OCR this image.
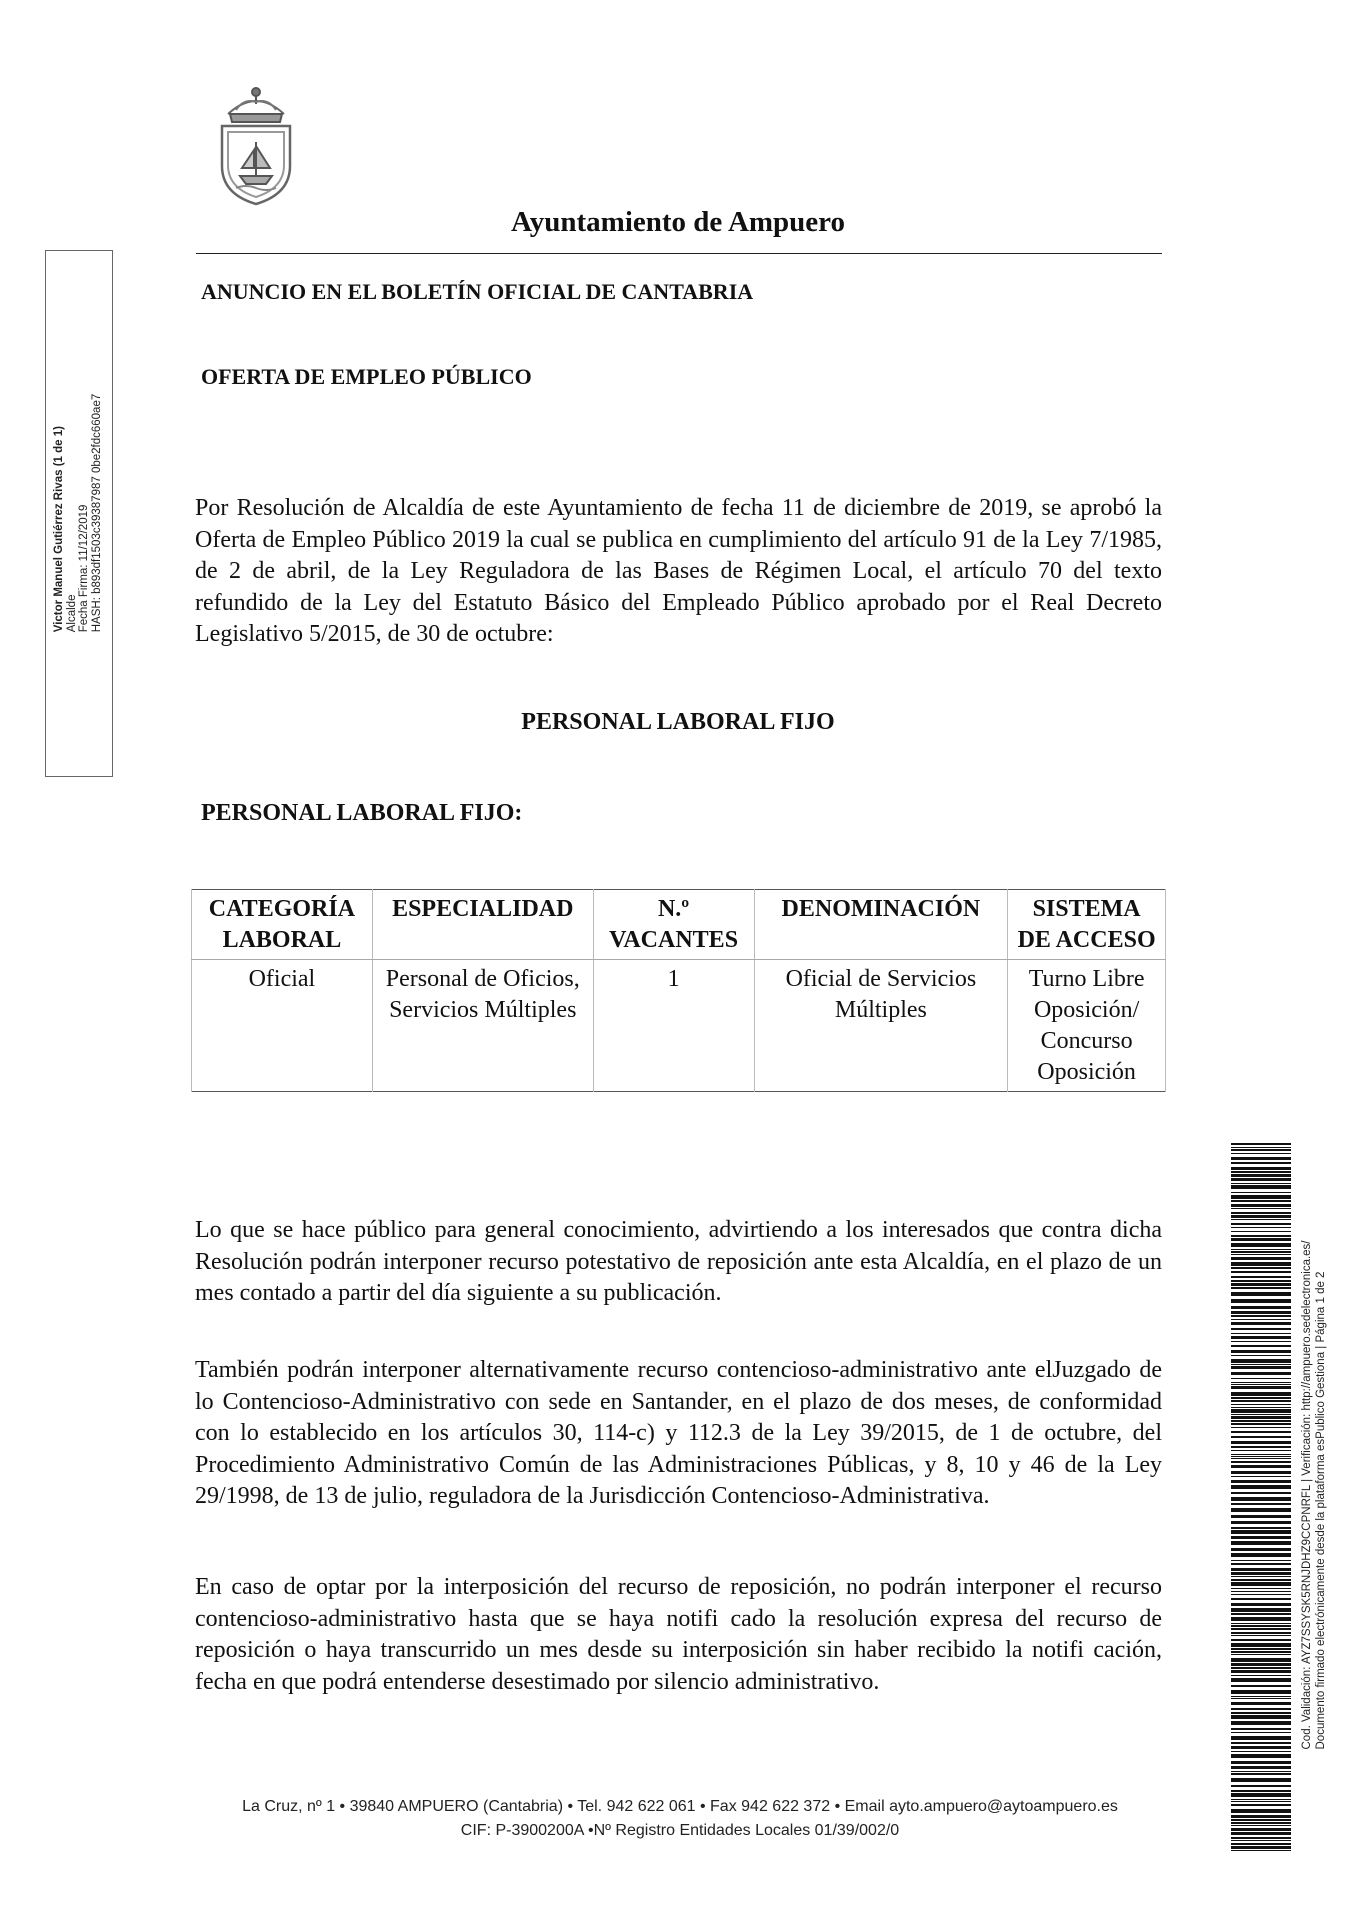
Ayuntamiento de Ampuero
ANUNCIO EN EL BOLETÍN OFICIAL DE CANTABRIA
OFERTA DE EMPLEO PÚBLICO
Por Resolución de Alcaldía de este Ayuntamiento de fecha 11 de diciembre de 2019, se aprobó la Oferta de Empleo Público 2019 la cual se publica en cumplimiento del artículo 91 de la Ley 7/1985, de 2 de abril, de la Ley Reguladora de las Bases de Régimen Local, el artículo 70 del texto refundido de la Ley del Estatuto Básico del Empleado Público aprobado por el Real Decreto Legislativo 5/2015, de 30 de octubre:
PERSONAL LABORAL FIJO
PERSONAL LABORAL FIJO:
CATEGORÍA LABORAL	ESPECIALIDAD	N.º VACANTES	DENOMINACIÓN	SISTEMA DE ACCESO
Oficial	Personal de Oficios, Servicios Múltiples	1	Oficial de Servicios Múltiples	Turno Libre Oposición/ Concurso Oposición
Lo que se hace público para general conocimiento, advirtiendo a los interesados que contra dicha Resolución podrán interponer recurso potestativo de reposición ante esta Alcaldía, en el plazo de un mes contado a partir del día siguiente a su publicación.
También podrán interponer alternativamente recurso contencioso-administrativo ante elJuzgado de lo Contencioso-Administrativo con sede en Santander, en el plazo de dos meses, de conformidad con lo establecido en los artículos 30, 114-c) y 112.3 de la Ley 39/2015, de 1 de octubre, del Procedimiento Administrativo Común de las Administraciones Públicas, y 8, 10 y 46 de la Ley 29/1998, de 13 de julio, reguladora de la Jurisdicción Contencioso-Administrativa.
En caso de optar por la interposición del recurso de reposición, no podrán interponer el recurso contencioso-administrativo hasta que se haya notifi cado la resolución expresa del recurso de reposición o haya transcurrido un mes desde su interposición sin haber recibido la notifi cación, fecha en que podrá entenderse desestimado por silencio administrativo.
Victor Manuel Gutiérrez Rivas (1 de 1) Alcalde Fecha Firma: 11/12/2019 HASH: b893df1503c39387987 0be2fdc660ae7
Cod. Validación: AYZ7SSYSK5RNJDHZ9CCPNRFL | Verificación: http://ampuero.sedelectronica.es/ Documento firmado electrónicamente desde la plataforma esPublico Gestiona | Página 1 de 2
La Cruz, nº 1 • 39840 AMPUERO (Cantabria) • Tel. 942 622 061 • Fax 942 622 372 • Email ayto.ampuero@aytoampuero.es
CIF: P-3900200A •Nº Registro Entidades Locales 01/39/002/0
